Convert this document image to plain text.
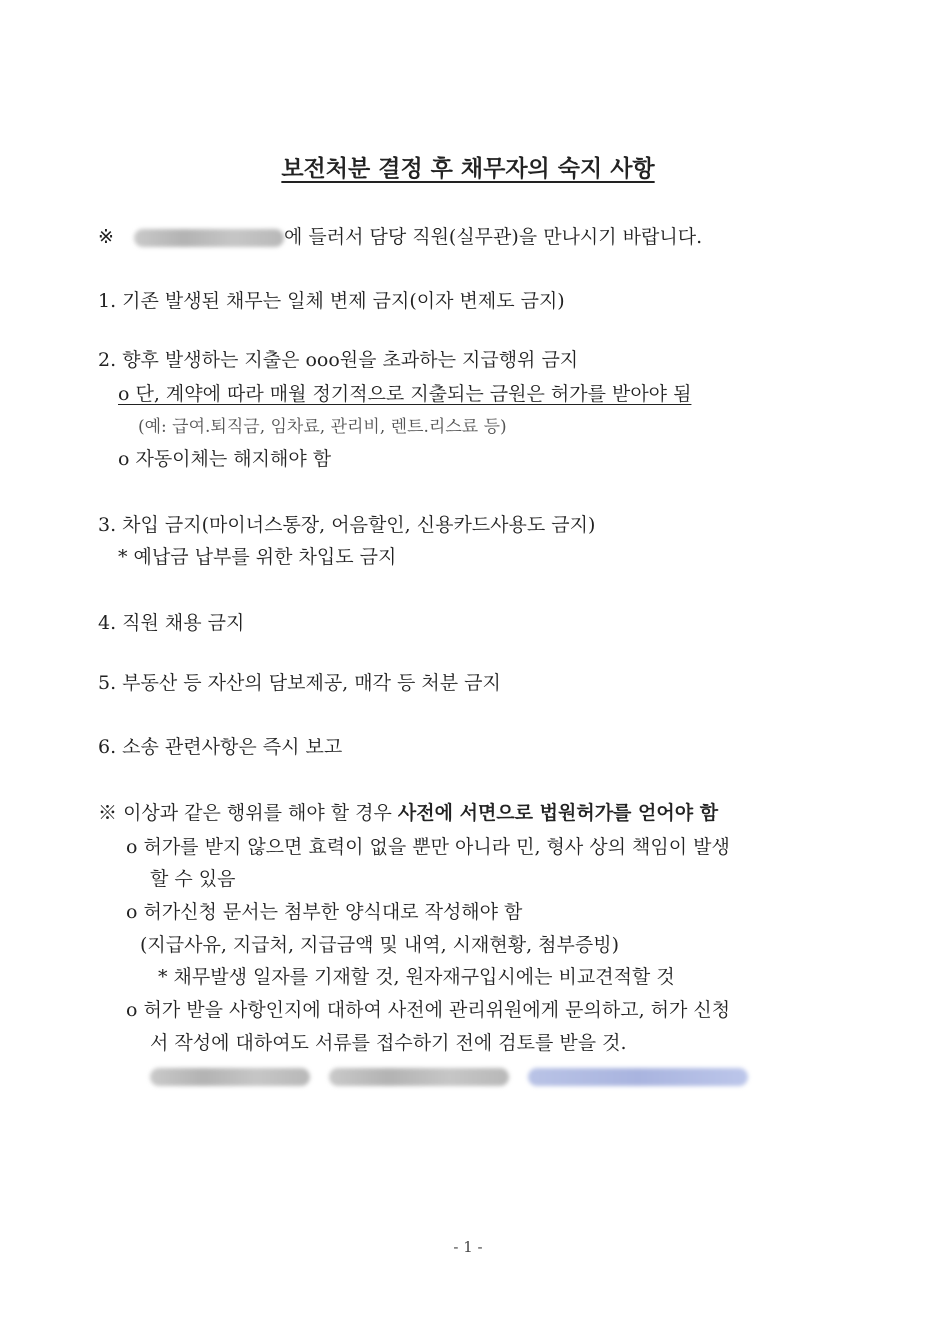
보전처분 결정 후 채무자의 숙지 사항
※	에 들러서 담당 직원(실무관)을 만나시기 바랍니다.
1. 기존 발생된 채무는 일체 변제 금지(이자 변제도 금지)
2. 향후 발생하는 지출은 ooo원을 초과하는 지급행위 금지
o 단, 계약에 따라 매월 정기적으로 지출되는 금원은 허가를 받아야 됨
(예: 급여.퇴직금, 임차료, 관리비, 렌트.리스료 등)
o 자동이체는 해지해야 함
3. 차입 금지(마이너스통장, 어음할인, 신용카드사용도 금지)
* 예납금 납부를 위한 차입도 금지
4. 직원 채용 금지
5. 부동산 등 자산의 담보제공, 매각 등 처분 금지
6. 소송 관련사항은 즉시 보고
※ 이상과 같은 행위를 해야 할 경우 사전에 서면으로 법원허가를 얻어야 함
o 허가를 받지 않으면 효력이 없을 뿐만 아니라 민, 형사 상의 책임이 발생
할 수 있음
o 허가신청 문서는 첨부한 양식대로 작성해야 함
(지급사유, 지급처, 지급금액 및 내역, 시재현황, 첨부증빙)
* 채무발생 일자를 기재할 것, 원자재구입시에는 비교견적할 것
o 허가 받을 사항인지에 대하여 사전에 관리위원에게 문의하고, 허가 신청
서 작성에 대하여도 서류를 접수하기 전에 검토를 받을 것.

- 1 -
